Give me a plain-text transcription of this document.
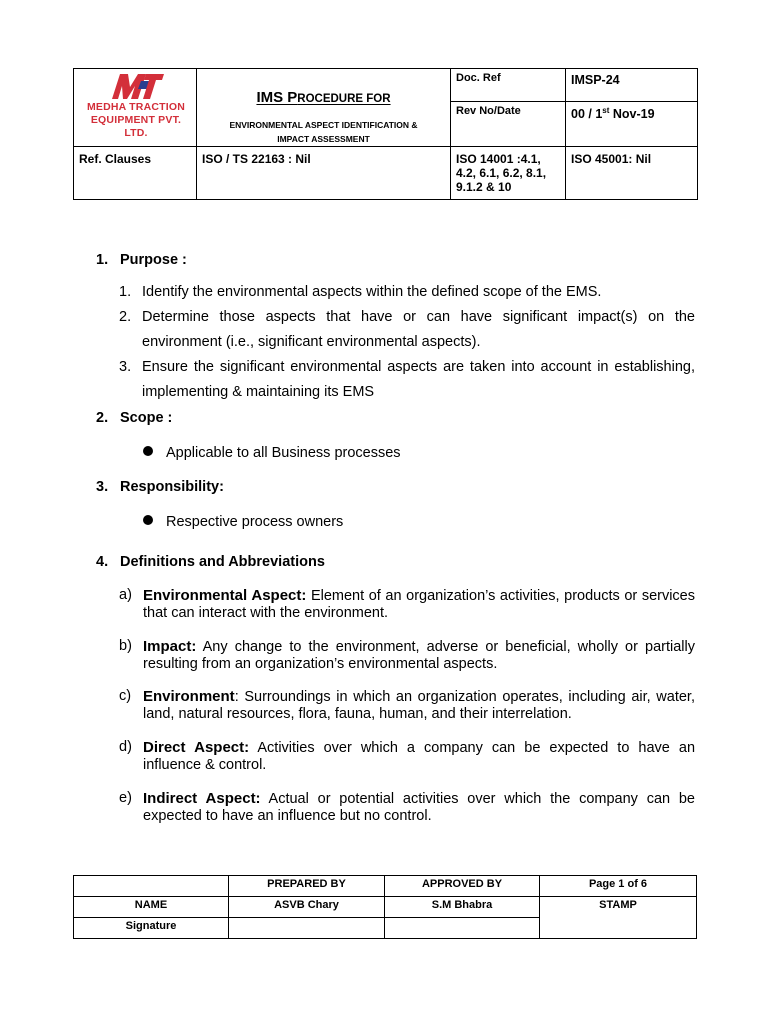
MEDHA TRACTION EQUIPMENT PVT. LTD.	IMS PROCEDURE FOR
ENVIRONMENTAL ASPECT IDENTIFICATION &
IMPACT ASSESSMENT	Doc. Ref	IMSP-24
		Rev No/Date	00 / 1st Nov-19
Ref. Clauses	ISO / TS 22163 : Nil	ISO 14001 :4.1, 4.2, 6.1, 6.2, 8.1, 9.1.2 & 10	ISO 45001: Nil
1. Purpose :
1. Identify the environmental aspects within the defined scope of the EMS.
2. Determine those aspects that have or can have significant impact(s) on the environment (i.e., significant environmental aspects).
3. Ensure the significant environmental aspects are taken into account in establishing, implementing & maintaining its EMS
2. Scope :
Applicable to all Business processes
3. Responsibility:
Respective process owners
4. Definitions and Abbreviations
a) Environmental Aspect: Element of an organization’s activities, products or services that can interact with the environment.
b) Impact: Any change to the environment, adverse or beneficial, wholly or partially resulting from an organization’s environmental aspects.
c) Environment: Surroundings in which an organization operates, including air, water, land, natural resources, flora, fauna, human, and their interrelation.
d) Direct Aspect: Activities over which a company can be expected to have an influence & control.
e) Indirect Aspect: Actual or potential activities over which the company can be expected to have an influence but no control.
	PREPARED BY	APPROVED BY	Page 1 of 6
NAME	ASVB Chary	S.M Bhabra	STAMP
Signature			
